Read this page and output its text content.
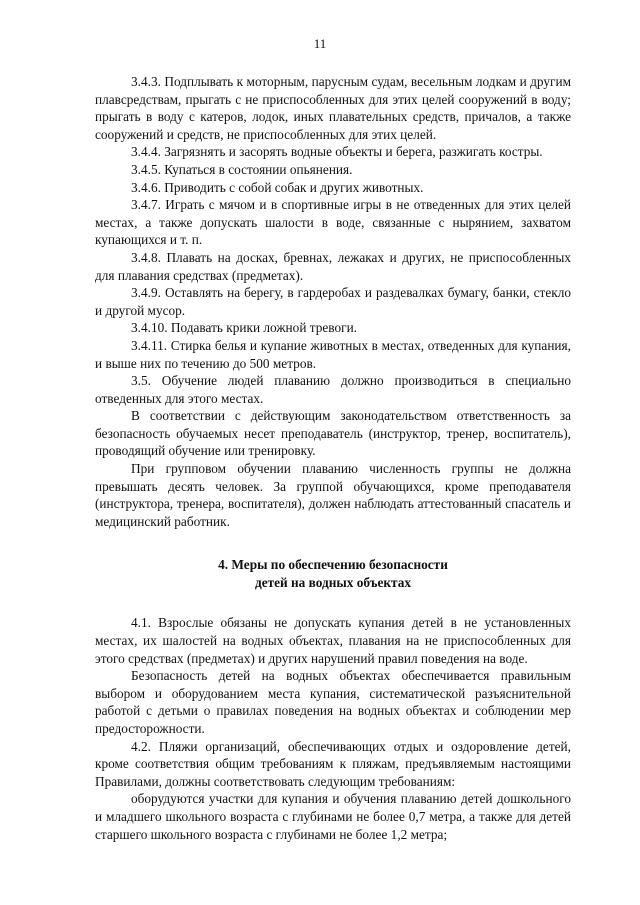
11

3.4.3. Подплывать к моторным, парусным судам, весельным лодкам и другим плавсредствам, прыгать с не приспособленных для этих целей сооружений в воду; прыгать в воду с катеров, лодок, иных плавательных средств, причалов, а также сооружений и средств, не приспособленных для этих целей.

3.4.4. Загрязнять и засорять водные объекты и берега, разжигать костры.

3.4.5. Купаться в состоянии опьянения.

3.4.6. Приводить с собой собак и других животных.

3.4.7. Играть с мячом и в спортивные игры в не отведенных для этих целей местах, а также допускать шалости в воде, связанные с нырянием, захватом купающихся и т. п.

3.4.8. Плавать на досках, бревнах, лежаках и других, не приспособленных для плавания средствах (предметах).

3.4.9. Оставлять на берегу, в гардеробах и раздевалках бумагу, банки, стекло и другой мусор.

3.4.10. Подавать крики ложной тревоги.

3.4.11. Стирка белья и купание животных в местах, отведенных для купания, и выше них по течению до 500 метров.

3.5. Обучение людей плаванию должно производиться в специально отведенных для этого местах.

В соответствии с действующим законодательством ответственность за безопасность обучаемых несет преподаватель (инструктор, тренер, воспитатель), проводящий обучение или тренировку.

При групповом обучении плаванию численность группы не должна превышать десять человек. За группой обучающихся, кроме преподавателя (инструктора, тренера, воспитателя), должен наблюдать аттестованный спасатель и медицинский работник.

4. Меры по обеспечению безопасности
детей на водных объектах

4.1. Взрослые обязаны не допускать купания детей в не установленных местах, их шалостей на водных объектах, плавания на не приспособленных для этого средствах (предметах) и других нарушений правил поведения на воде.

Безопасность детей на водных объектах обеспечивается правильным выбором и оборудованием места купания, систематической разъяснительной работой с детьми о правилах поведения на водных объектах и соблюдении мер предосторожности.

4.2. Пляжи организаций, обеспечивающих отдых и оздоровление детей, кроме соответствия общим требованиям к пляжам, предъявляемым настоящими Правилами, должны соответствовать следующим требованиям:

оборудуются участки для купания и обучения плаванию детей дошкольного и младшего школьного возраста с глубинами не более 0,7 метра, а также для детей старшего школьного возраста с глубинами не более 1,2 метра;
